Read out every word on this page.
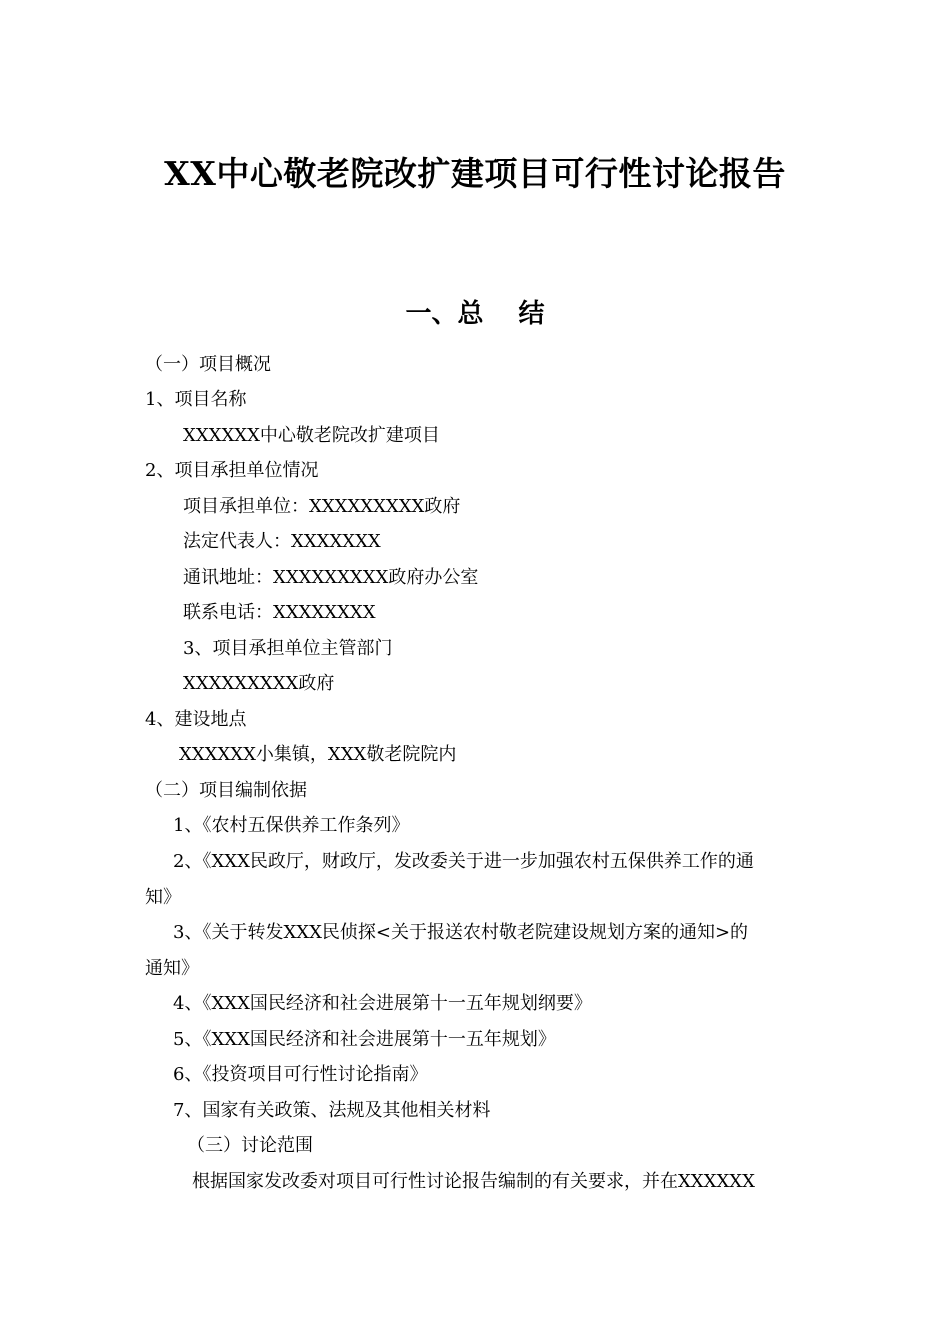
XX中心敬老院改扩建项目可行性讨论报告
一、总　 结
（一）项目概况
1、项目名称
XXXXXX中心敬老院改扩建项目
2、项目承担单位情况
项目承担单位：XXXXXXXXX政府
法定代表人：XXXXXXX
通讯地址：XXXXXXXXX政府办公室
联系电话：XXXXXXXX
3、项目承担单位主管部门
XXXXXXXXX政府
4、建设地点
XXXXXX小集镇，XXX敬老院院内
（二）项目编制依据
1、《农村五保供养工作条列》
2、《XXX民政厅，财政厅，发改委关于进一步加强农村五保供养工作的通
知》
3、《关于转发XXX民侦探<关于报送农村敬老院建设规划方案的通知>的
通知》
4、《XXX国民经济和社会进展第十一五年规划纲要》
5、《XXX国民经济和社会进展第十一五年规划》
6、《投资项目可行性讨论指南》
7、国家有关政策、法规及其他相关材料
（三）讨论范围
根据国家发改委对项目可行性讨论报告编制的有关要求，并在XXXXXX
